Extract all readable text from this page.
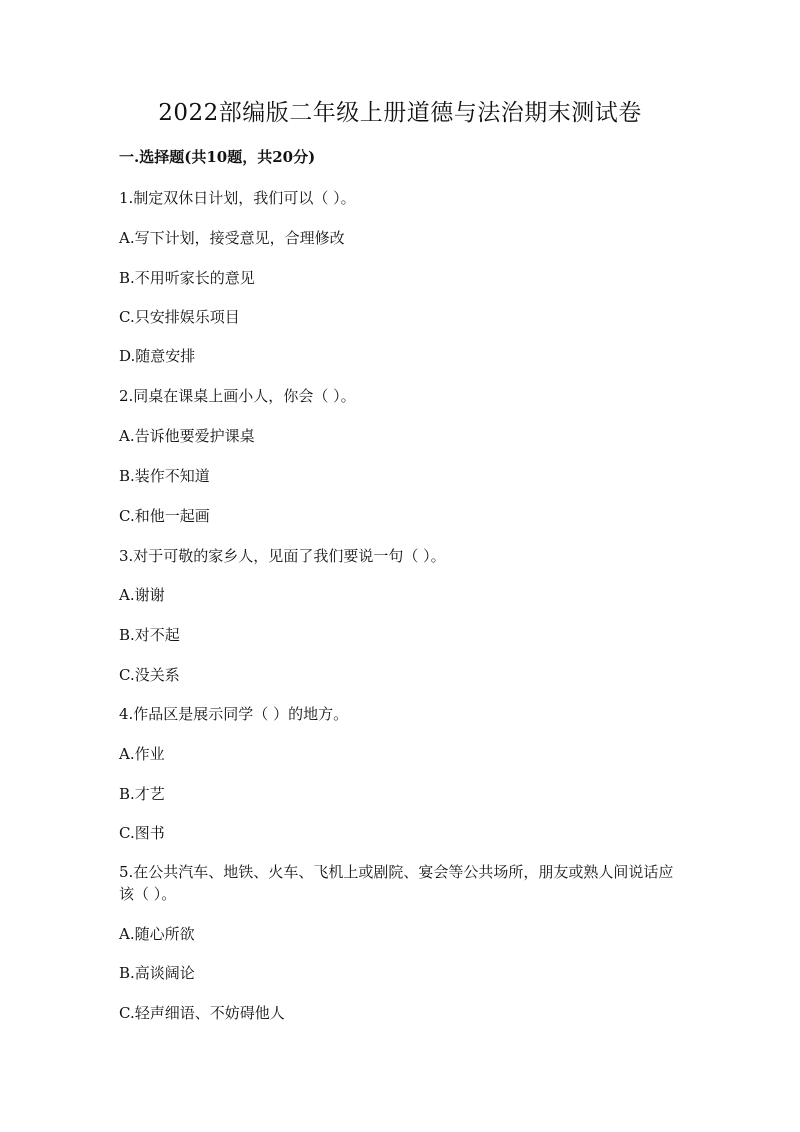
2022部编版二年级上册道德与法治期末测试卷
一.选择题(共10题，共20分)
1.制定双休日计划，我们可以（ ）。
A.写下计划，接受意见，合理修改
B.不用听家长的意见
C.只安排娱乐项目
D.随意安排
2.同桌在课桌上画小人，你会（ ）。
A.告诉他要爱护课桌
B.装作不知道
C.和他一起画
3.对于可敬的家乡人，见面了我们要说一句（ ）。
A.谢谢
B.对不起
C.没关系
4.作品区是展示同学（ ）的地方。
A.作业
B.才艺
C.图书
5.在公共汽车、地铁、火车、飞机上或剧院、宴会等公共场所，朋友或熟人间说话应该（ ）。
A.随心所欲
B.高谈阔论
C.轻声细语、不妨碍他人
